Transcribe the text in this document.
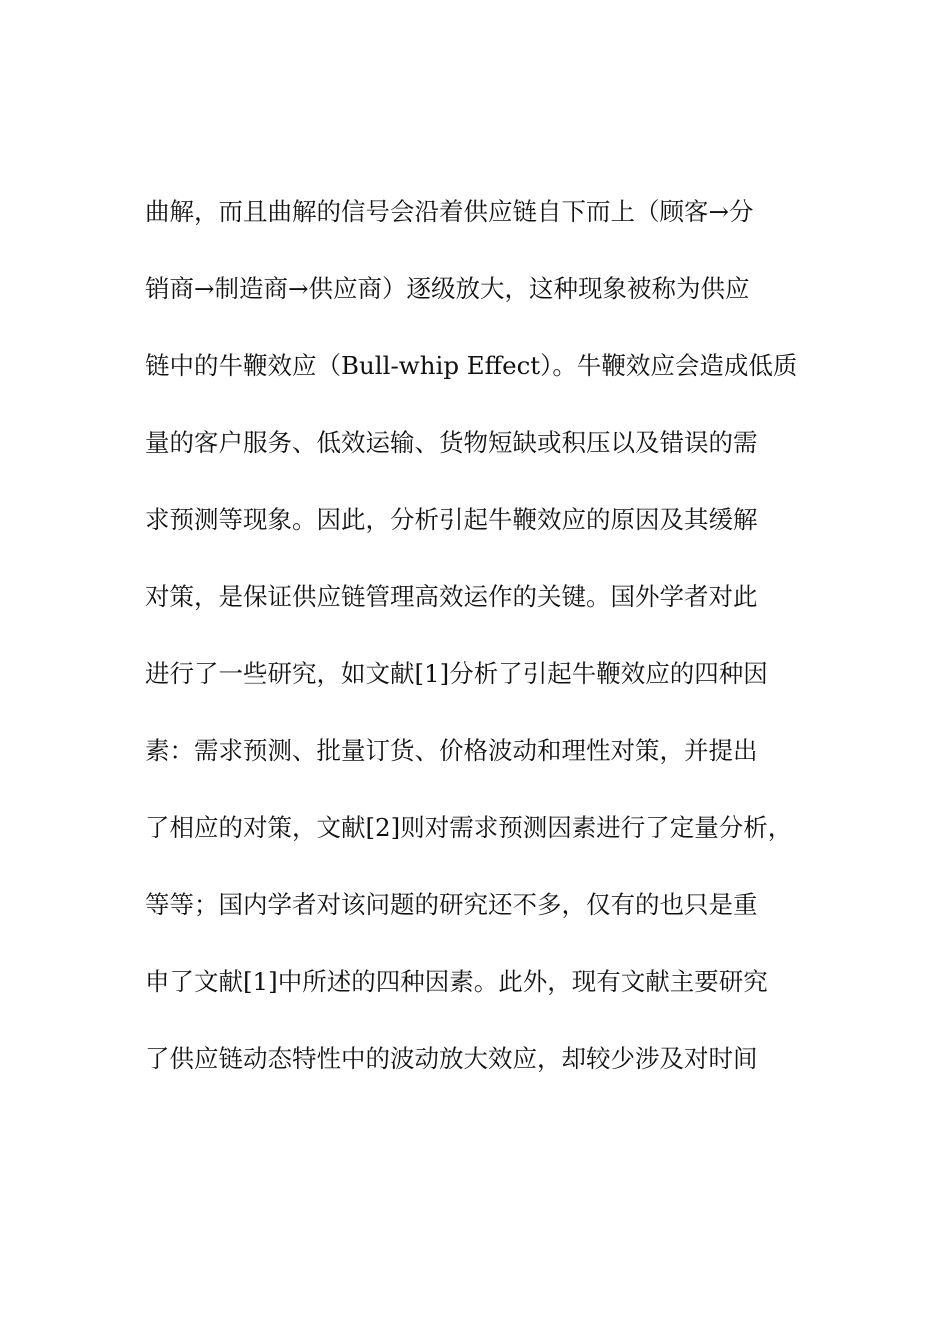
曲解，而且曲解的信号会沿着供应链自下而上（顾客→分
销商→制造商→供应商）逐级放大，这种现象被称为供应
链中的牛鞭效应（Bull-whip Effect）。牛鞭效应会造成低质
量的客户服务、低效运输、货物短缺或积压以及错误的需
求预测等现象。因此，分析引起牛鞭效应的原因及其缓解
对策，是保证供应链管理高效运作的关键。国外学者对此
进行了一些研究，如文献[1]分析了引起牛鞭效应的四种因
素：需求预测、批量订货、价格波动和理性对策，并提出
了相应的对策，文献[2]则对需求预测因素进行了定量分析，
等等；国内学者对该问题的研究还不多，仅有的也只是重
申了文献[1]中所述的四种因素。此外，现有文献主要研究
了供应链动态特性中的波动放大效应，却较少涉及对时间
